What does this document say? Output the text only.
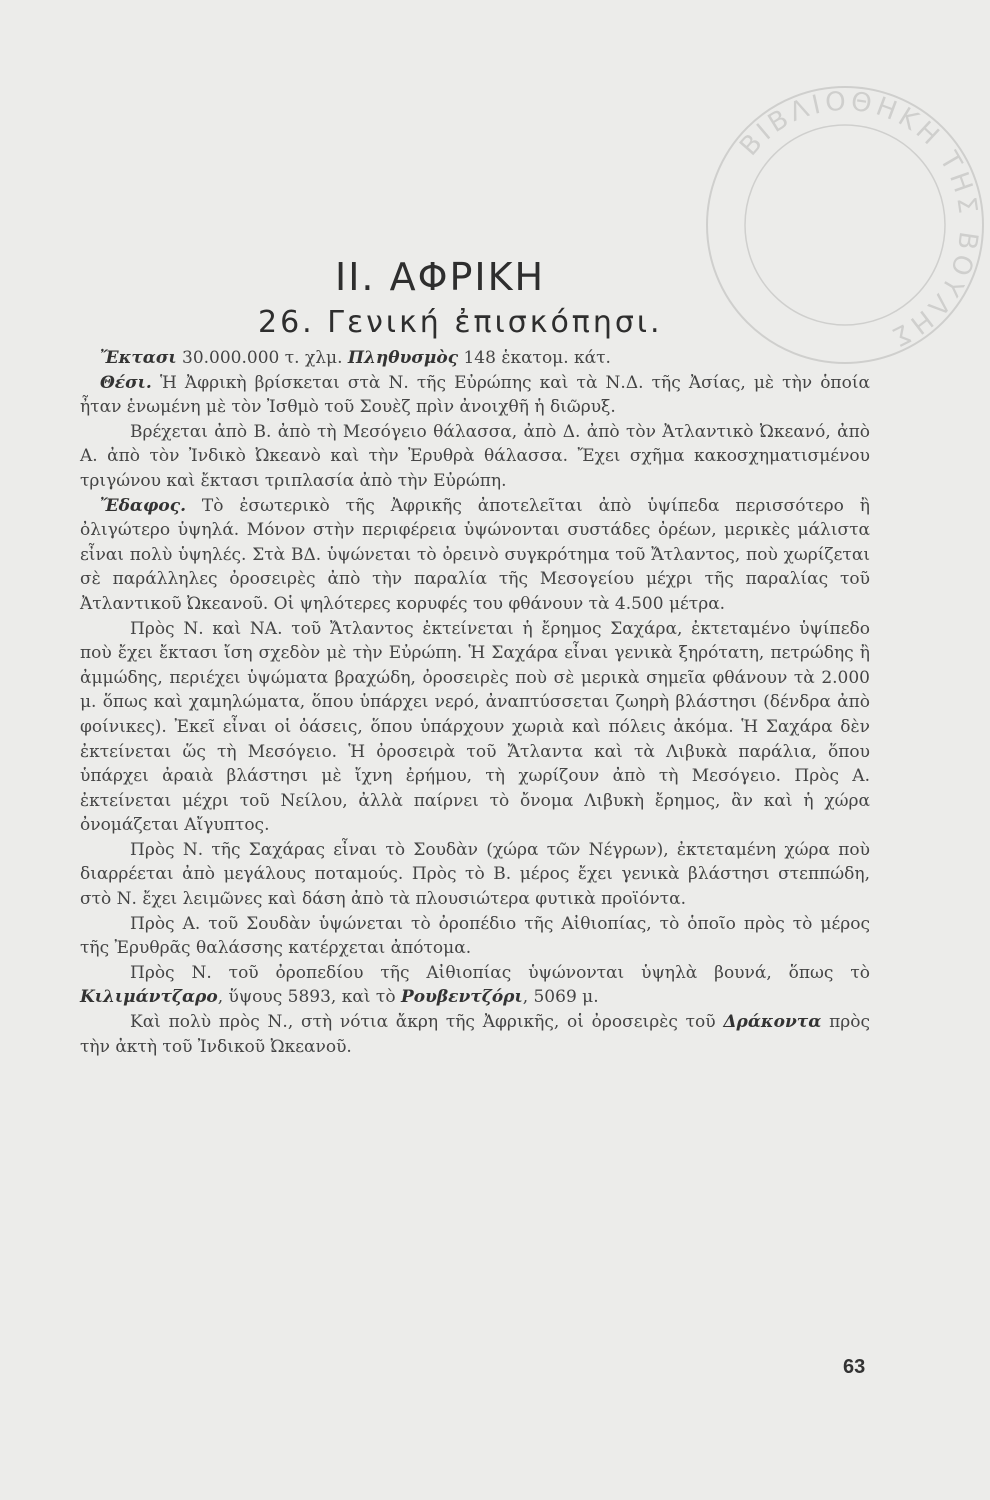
ΒΙΒΛΙΟΘΗΚΗ ΤΗΣ ΒΟΥΛΗΣ
II. ΑΦΡΙΚΗ
26. Γενική ἐπισκόπησι.

Ἔκτασι 30.000.000 τ. χλμ. Πληθυσμὸς 148 ἑκατομ. κάτ.

Θέσι. Ἡ Ἀφρικὴ βρίσκεται στὰ Ν. τῆς Εὐρώπης καὶ τὰ Ν.Δ. τῆς Ἀσίας, μὲ τὴν ὁποία ἦταν ἑνωμένη μὲ τὸν Ἰσθμὸ τοῦ Σουὲζ πρὶν ἀνοιχθῆ ἡ διῶρυξ.

Βρέχεται ἀπὸ Β. ἀπὸ τὴ Μεσόγειο θάλασσα, ἀπὸ Δ. ἀπὸ τὸν Ἀτλαντικὸ Ὠκεανό, ἀπὸ Α. ἀπὸ τὸν Ἰνδικὸ Ὠκεανὸ καὶ τὴν Ἐρυθρὰ θάλασσα. Ἔχει σχῆμα κακοσχηματισμένου τριγώνου καὶ ἔκτασι τριπλασία ἀπὸ τὴν Εὐρώπη.

Ἔδαφος. Τὸ ἐσωτερικὸ τῆς Ἀφρικῆς ἀποτελεῖται ἀπὸ ὑψίπεδα περισσότερο ἢ ὀλιγώτερο ὑψηλά. Μόνον στὴν περιφέρεια ὑψώνονται συστάδες ὀρέων, μερικὲς μάλιστα εἶναι πολὺ ὑψηλές. Στὰ ΒΔ. ὑψώνεται τὸ ὀρεινὸ συγκρότημα τοῦ Ἄτλαντος, ποὺ χωρίζεται σὲ παράλληλες ὀροσειρὲς ἀπὸ τὴν παραλία τῆς Μεσογείου μέχρι τῆς παραλίας τοῦ Ἀτλαντικοῦ Ὠκεανοῦ. Οἱ ψηλότερες κορυφές του φθάνουν τὰ 4.500 μέτρα.

Πρὸς Ν. καὶ ΝΑ. τοῦ Ἄτλαντος ἐκτείνεται ἡ ἔρημος Σαχάρα, ἐκτεταμένο ὑψίπεδο ποὺ ἔχει ἔκτασι ἴση σχεδὸν μὲ τὴν Εὐρώπη. Ἡ Σαχάρα εἶναι γενικὰ ξηρότατη, πετρώδης ἢ ἀμμώδης, περιέχει ὑψώματα βραχώδη, ὀροσειρὲς ποὺ σὲ μερικὰ σημεῖα φθάνουν τὰ 2.000 μ. ὅπως καὶ χαμηλώματα, ὅπου ὑπάρχει νερό, ἀναπτύσσεται ζωηρὴ βλάστησι (δένδρα ἀπὸ φοίνικες). Ἐκεῖ εἶναι οἱ ὀάσεις, ὅπου ὑπάρχουν χωριὰ καὶ πόλεις ἀκόμα. Ἡ Σαχάρα δὲν ἐκτείνεται ὥς τὴ Μεσόγειο. Ἡ ὀροσειρὰ τοῦ Ἄτλαντα καὶ τὰ Λιβυκὰ παράλια, ὅπου ὑπάρχει ἀραιὰ βλάστησι μὲ ἴχνη ἐρήμου, τὴ χωρίζουν ἀπὸ τὴ Μεσόγειο. Πρὸς Α. ἐκτείνεται μέχρι τοῦ Νείλου, ἀλλὰ παίρνει τὸ ὄνομα Λιβυκὴ ἔρημος, ἂν καὶ ἡ χώρα ὀνομάζεται Αἴγυπτος.

Πρὸς Ν. τῆς Σαχάρας εἶναι τὸ Σουδὰν (χώρα τῶν Νέγρων), ἐκτεταμένη χώρα ποὺ διαρρέεται ἀπὸ μεγάλους ποταμούς. Πρὸς τὸ Β. μέρος ἔχει γενικὰ βλάστησι στεππώδη, στὸ Ν. ἔχει λειμῶνες καὶ δάση ἀπὸ τὰ πλουσιώτερα φυτικὰ προϊόντα.

Πρὸς Α. τοῦ Σουδὰν ὑψώνεται τὸ ὀροπέδιο τῆς Αἰθιοπίας, τὸ ὁποῖο πρὸς τὸ μέρος τῆς Ἐρυθρᾶς θαλάσσης κατέρχεται ἀπότομα.

Πρὸς Ν. τοῦ ὀροπεδίου τῆς Αἰθιοπίας ὑψώνονται ὑψηλὰ βουνά, ὅπως τὸ Κιλιμάντζαρο, ὕψους 5893, καὶ τὸ Ρουβεντζόρι, 5069 μ.

Καὶ πολὺ πρὸς Ν., στὴ νότια ἄκρη τῆς Ἀφρικῆς, οἱ ὀροσειρὲς τοῦ Δράκοντα πρὸς τὴν ἀκτὴ τοῦ Ἰνδικοῦ Ὠκεανοῦ.

63
